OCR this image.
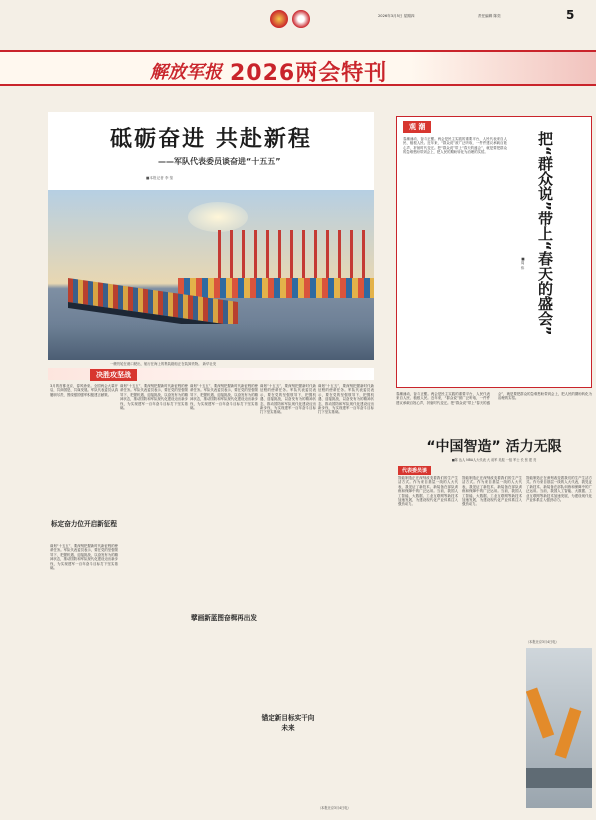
2026年3月5日 星期四	责任编辑 陈奕	5
解放军报 2026两会特刊
砥砺奋进 共赴新程
——军队代表委员谈奋进“十五五”
■本报记者 李 笳
一艘货轮在港口驶出，航行在海上的集装箱船正在装卸货物。 新华社发
观 潮
春潮涌动，奋斗正酣。两会是民主实践的重要平台，人民代表来自人民、植根人民。近年来，“群众说”被广泛听取，一件件建议承载百姓心声，折射时代变迁。把“群众说”带上“春天的盛会”，就是要把群众的急难愁盼带到会上，把人民的期盼转化为治理的实招。	把“群众说”带上“春天的盛会”
■周 伟
春潮涌动，奋斗正酣。两会是民主实践的重要平台，人民代表来自人民、植根人民。近年来，“群众说”被广泛听取，一件件建议承载百姓心声，折射时代变迁。把“群众说”带上“春天的盛会”，就是要把群众的急难愁盼带到会上，把人民的期盼转化为治理的实招。
决胜攻坚战
3月的首都北京，春风徐来。全国两会大幕开启，共商国是、共谋发展。军队代表委员认真履职尽责，围绕强国强军积极建言献策。
谋划“十五五”，要深刻把握新时代新征程的使命任务。军队代表委员表示，要在党的坚强领导下，把握机遇、迎接挑战，以奋发有为的精神状态，推动国防和军队现代化建设迈出新步伐，为实现建军一百年奋斗目标打下坚实基础。
谋划“十五五”，要深刻把握新时代新征程的使命任务。军队代表委员表示，要在党的坚强领导下，把握机遇、迎接挑战，以奋发有为的精神状态，推动国防和军队现代化建设迈出新步伐，为实现建军一百年奋斗目标打下坚实基础。
谋划“十五五”，要深刻把握新时代新征程的使命任务。军队代表委员表示，要在党的坚强领导下，把握机遇、迎接挑战，以奋发有为的精神状态，推动国防和军队现代化建设迈出新步伐，为实现建军一百年奋斗目标打下坚实基础。
谋划“十五五”，要深刻把握新时代新征程的使命任务。军队代表委员表示，要在党的坚强领导下，把握机遇、迎接挑战，以奋发有为的精神状态，推动国防和军队现代化建设迈出新步伐，为实现建军一百年奋斗目标打下坚实基础。
标定奋力位开启新征程
谋划“十五五”，要深刻把握新时代新征程的使命任务。军队代表委员表示，要在党的坚强领导下，把握机遇、迎接挑战，以奋发有为的精神状态，推动国防和军队现代化建设迈出新步伐，为实现建军一百年奋斗目标打下坚实基础。
擘画新蓝图奋楫再出发
锚定新目标实干向未来
（本报北京3月4日电）
“中国智造” 活力无限
■陈 达人 NBA人大代表 大 前军 吴振 一组 军士 长 张 建 亮
代表委员谈
智能制造正在深刻改变着我们的生产生活方式。作为来自基层一线的人大代表，我见证了新技术、新装备在部队训练和保障中的广泛运用。当前，我国人工智能、大数据、工业互联网等新技术加速发展，为建设现代化产业体系注入强劲动力。
智能制造正在深刻改变着我们的生产生活方式。作为来自基层一线的人大代表，我见证了新技术、新装备在部队训练和保障中的广泛运用。当前，我国人工智能、大数据、工业互联网等新技术加速发展，为建设现代化产业体系注入强劲动力。
智能制造正在深刻改变着我们的生产生活方式。作为来自基层一线的人大代表，我见证了新技术、新装备在部队训练和保障中的广泛运用。当前，我国人工智能、大数据、工业互联网等新技术加速发展，为建设现代化产业体系注入强劲动力。
（本报北京3月4日电）
